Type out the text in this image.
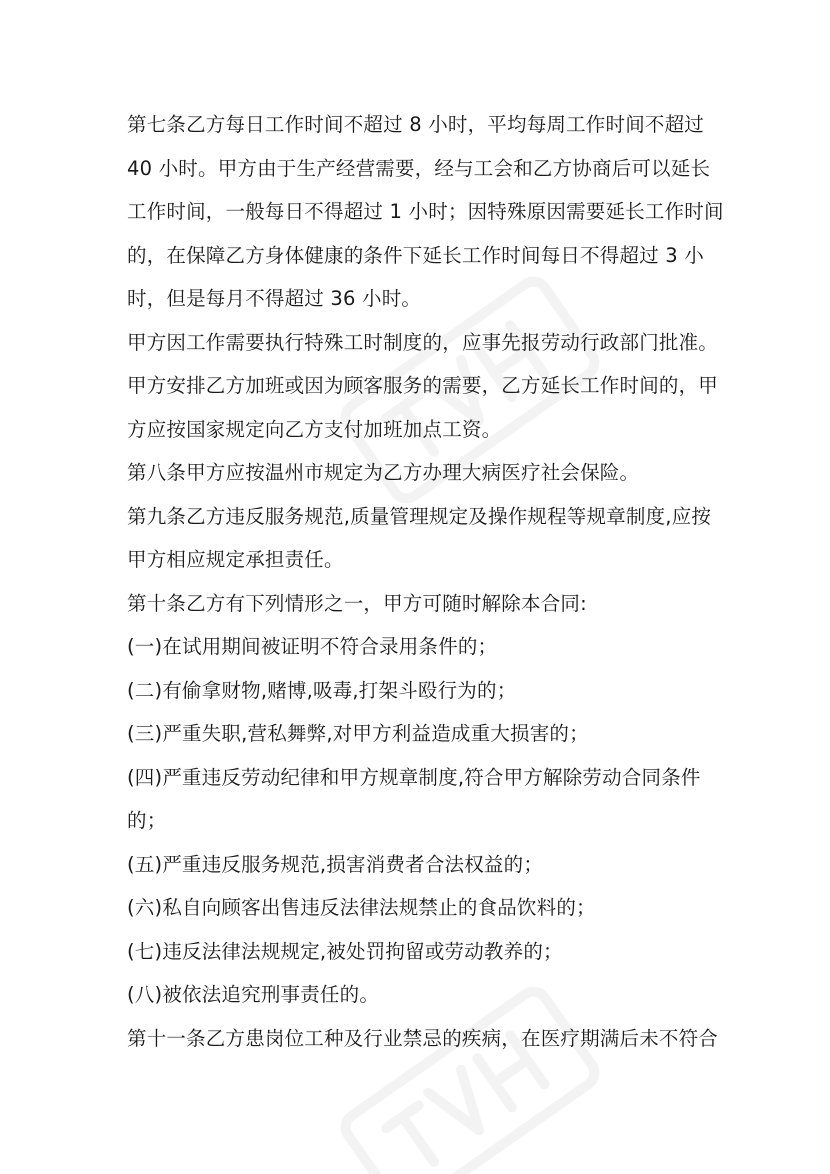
第七条乙方每日工作时间不超过 8 小时，平均每周工作时间不超过
40 小时。甲方由于生产经营需要，经与工会和乙方协商后可以延长
工作时间，一般每日不得超过 1 小时；因特殊原因需要延长工作时间
的，在保障乙方身体健康的条件下延长工作时间每日不得超过 3 小
时，但是每月不得超过 36 小时。

甲方因工作需要执行特殊工时制度的，应事先报劳动行政部门批准。
甲方安排乙方加班或因为顾客服务的需要，乙方延长工作时间的，甲
方应按国家规定向乙方支付加班加点工资。

第八条甲方应按温州市规定为乙方办理大病医疗社会保险。

第九条乙方违反服务规范,质量管理规定及操作规程等规章制度,应按
甲方相应规定承担责任。

第十条乙方有下列情形之一，甲方可随时解除本合同:

(一)在试用期间被证明不符合录用条件的；

(二)有偷拿财物,赌博,吸毒,打架斗殴行为的；

(三)严重失职,营私舞弊,对甲方利益造成重大损害的；

(四)严重违反劳动纪律和甲方规章制度,符合甲方解除劳动合同条件
的；

(五)严重违反服务规范,损害消费者合法权益的；

(六)私自向顾客出售违反法律法规禁止的食品饮料的；

(七)违反法律法规规定,被处罚拘留或劳动教养的；

(八)被依法追究刑事责任的。

第十一条乙方患岗位工种及行业禁忌的疾病，在医疗期满后未不符合
